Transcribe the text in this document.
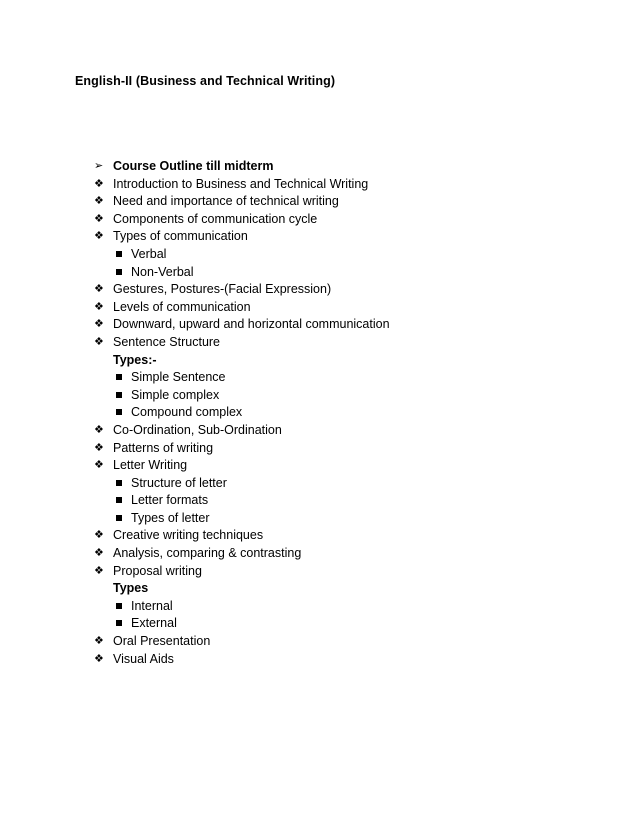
English-II (Business and Technical Writing)
➢ Course Outline till midterm
❖ Introduction to Business and Technical Writing
❖ Need and importance of technical writing
❖ Components of communication cycle
❖ Types of communication
Verbal
Non-Verbal
❖ Gestures, Postures-(Facial Expression)
❖ Levels of communication
❖ Downward, upward and horizontal communication
❖ Sentence Structure
Types:-
Simple Sentence
Simple complex
Compound complex
❖ Co-Ordination, Sub-Ordination
❖ Patterns of writing
❖ Letter Writing
Structure of letter
Letter formats
Types of letter
❖ Creative writing techniques
❖ Analysis, comparing & contrasting
❖ Proposal writing
Types
Internal
External
❖ Oral Presentation
❖ Visual Aids
